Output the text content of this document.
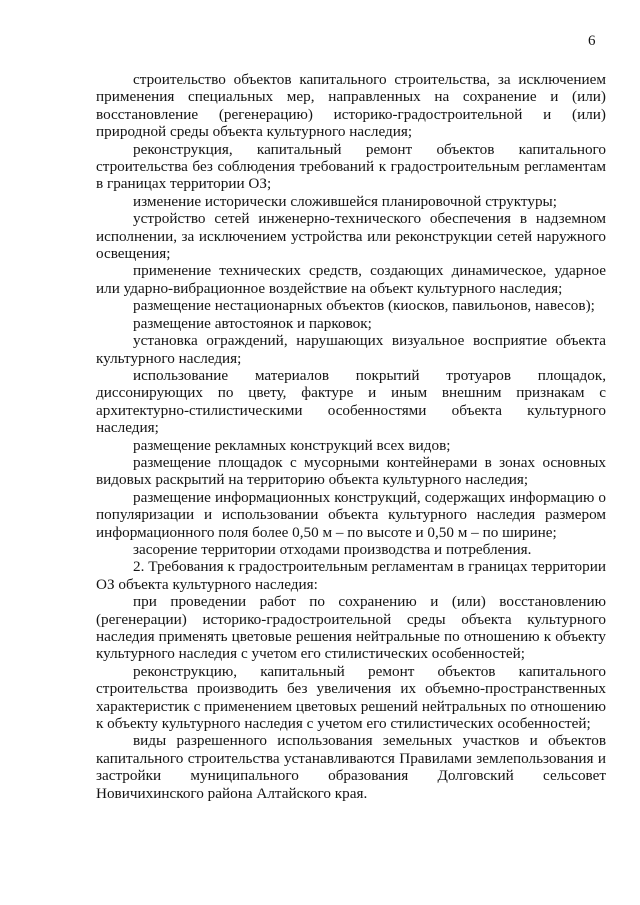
6

строительство объектов капитального строительства, за исключением применения специальных мер, направленных на сохранение и (или) восстановление (регенерацию) историко-градостроительной и (или) природной среды объекта культурного наследия;

реконструкция, капитальный ремонт объектов капитального строительства без соблюдения требований к градостроительным регламентам в границах территории ОЗ;

изменение исторически сложившейся планировочной структуры;

устройство сетей инженерно-технического обеспечения в надземном исполнении, за исключением устройства или реконструкции сетей наружного освещения;

применение технических средств, создающих динамическое, ударное или ударно-вибрационное воздействие на объект культурного наследия;

размещение нестационарных объектов (киосков, павильонов, навесов);

размещение автостоянок и парковок;

установка ограждений, нарушающих визуальное восприятие объекта культурного наследия;

использование материалов покрытий тротуаров площадок, диссонирующих по цвету, фактуре и иным внешним признакам с архитектурно-стилистическими особенностями объекта культурного наследия;

размещение рекламных конструкций всех видов;

размещение площадок с мусорными контейнерами в зонах основных видовых раскрытий на территорию объекта культурного наследия;

размещение информационных конструкций, содержащих информацию о популяризации и использовании объекта культурного наследия размером информационного поля более 0,50 м – по высоте и 0,50 м – по ширине;

засорение территории отходами производства и потребления.

2. Требования к градостроительным регламентам в границах территории ОЗ объекта культурного наследия:

при проведении работ по сохранению и (или) восстановлению (регенерации) историко-градостроительной среды объекта культурного наследия применять цветовые решения нейтральные по отношению к объекту культурного наследия с учетом его стилистических особенностей;

реконструкцию, капитальный ремонт объектов капитального строительства производить без увеличения их объемно-пространственных характеристик с применением цветовых решений нейтральных по отношению к объекту культурного наследия с учетом его стилистических особенностей;

виды разрешенного использования земельных участков и объектов капитального строительства устанавливаются Правилами землепользования и застройки муниципального образования Долговский сельсовет Новичихинского района Алтайского края.
